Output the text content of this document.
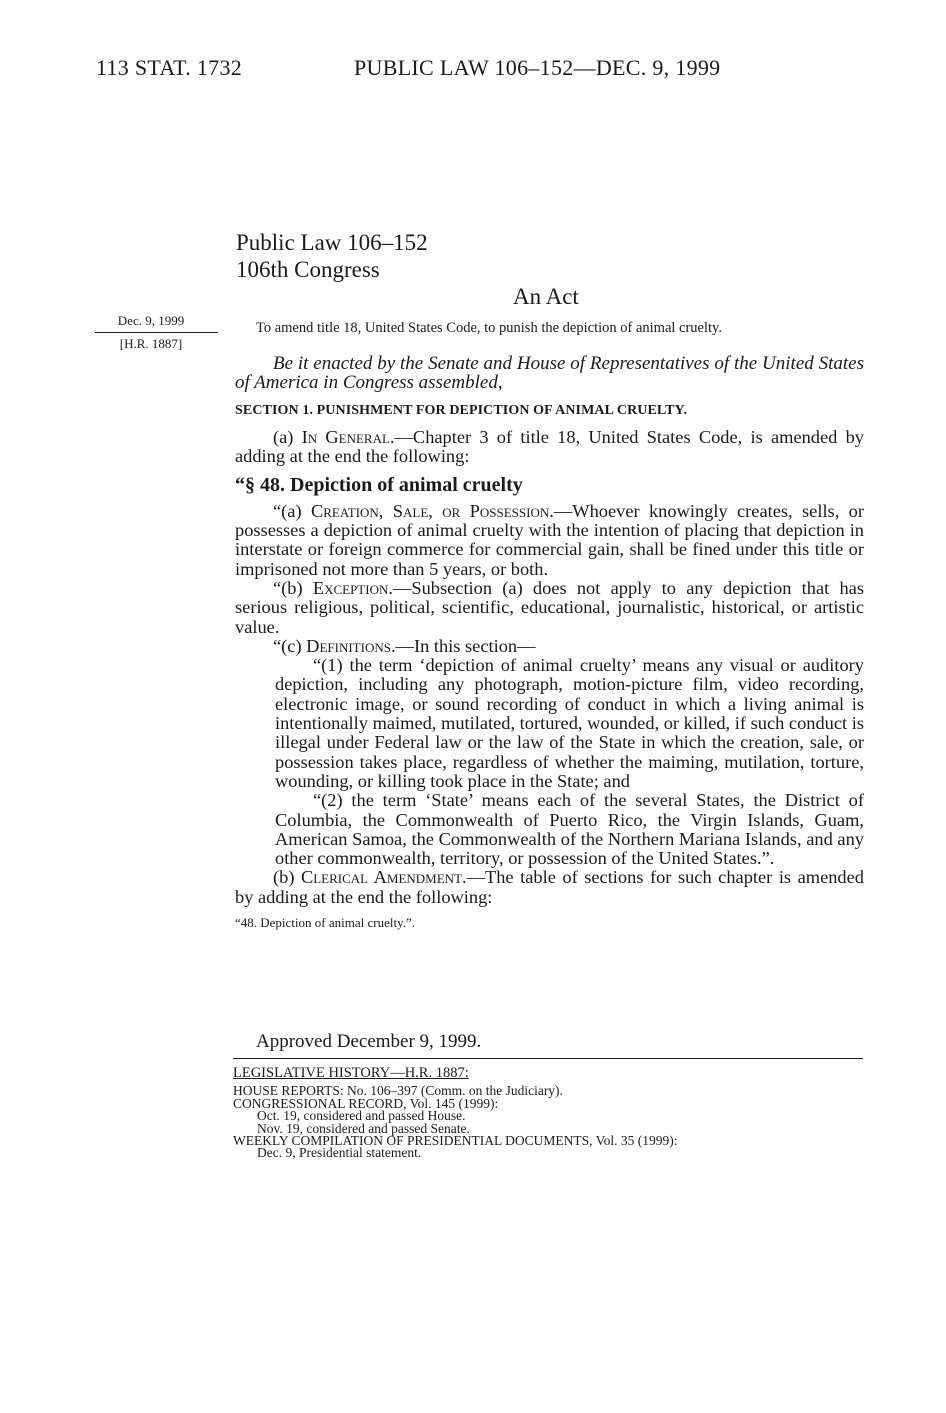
113 STAT. 1732	PUBLIC LAW 106–152—DEC. 9, 1999
Public Law 106–152
106th Congress
An Act
Dec. 9, 1999
[H.R. 1887]
To amend title 18, United States Code, to punish the depiction of animal cruelty.

Be it enacted by the Senate and House of Representatives of the United States of America in Congress assembled,

SECTION 1. PUNISHMENT FOR DEPICTION OF ANIMAL CRUELTY.

(a) In General.—Chapter 3 of title 18, United States Code, is amended by adding at the end the following:

“§ 48. Depiction of animal cruelty

“(a) Creation, Sale, or Possession.—Whoever knowingly creates, sells, or possesses a depiction of animal cruelty with the intention of placing that depiction in interstate or foreign commerce for commercial gain, shall be fined under this title or imprisoned not more than 5 years, or both.

“(b) Exception.—Subsection (a) does not apply to any depiction that has serious religious, political, scientific, educational, journalistic, historical, or artistic value.

“(c) Definitions.—In this section—

“(1) the term ‘depiction of animal cruelty’ means any visual or auditory depiction, including any photograph, motion-picture film, video recording, electronic image, or sound recording of conduct in which a living animal is intentionally maimed, mutilated, tortured, wounded, or killed, if such conduct is illegal under Federal law or the law of the State in which the creation, sale, or possession takes place, regardless of whether the maiming, mutilation, torture, wounding, or killing took place in the State; and

“(2) the term ‘State’ means each of the several States, the District of Columbia, the Commonwealth of Puerto Rico, the Virgin Islands, Guam, American Samoa, the Commonwealth of the Northern Mariana Islands, and any other commonwealth, territory, or possession of the United States.”.

(b) Clerical Amendment.—The table of sections for such chapter is amended by adding at the end the following:

“48. Depiction of animal cruelty.”.

Approved December 9, 1999.
LEGISLATIVE HISTORY—H.R. 1887:
HOUSE REPORTS: No. 106–397 (Comm. on the Judiciary).
CONGRESSIONAL RECORD, Vol. 145 (1999):
Oct. 19, considered and passed House.
Nov. 19, considered and passed Senate.
WEEKLY COMPILATION OF PRESIDENTIAL DOCUMENTS, Vol. 35 (1999):
Dec. 9, Presidential statement.
